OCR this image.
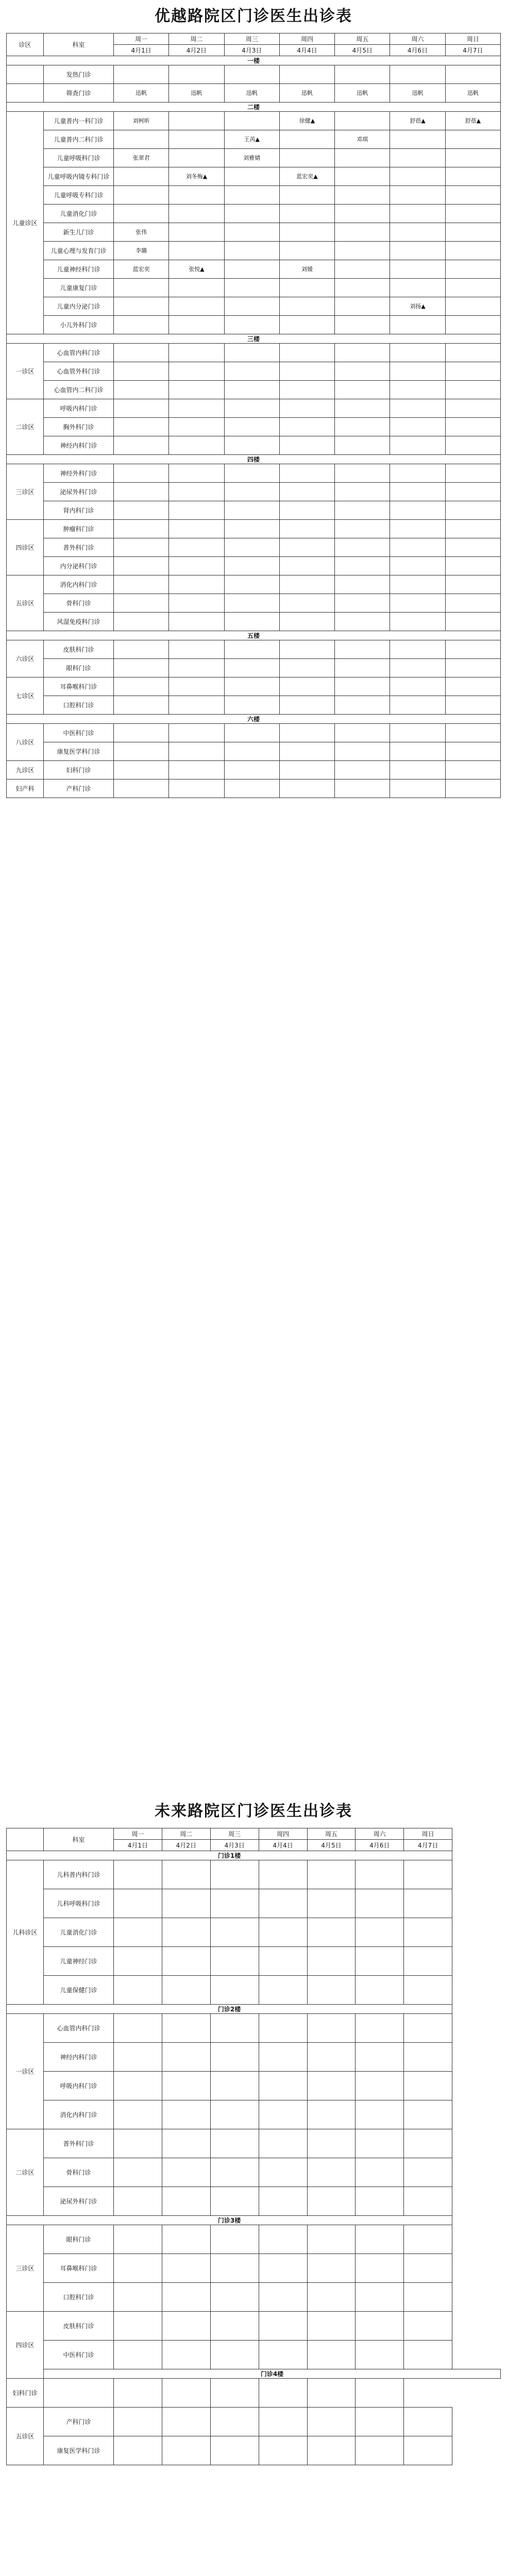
优越路院区门诊医生出诊表
诊区	科室	周一	周二	周三	周四	周五	周六	周日
		4月1日	4月2日	4月3日	4月4日	4月5日	4月6日	4月7日
一楼								
	发热门诊							
	筛查门诊	迅帆	迅帆	迅帆	迅帆	迅帆	迅帆	迅帆
二楼								
儿童诊区	儿童普内一科门诊	刘柯昕			徐健▲		舒蓓▲	舒蓓▲
	儿童普内二科门诊			王芮▲		邓琪		
	儿童呼吸科门诊	张翠君		刘雅婧				
	儿童呼吸内镜专科门诊		刘冬梅▲		蓝宏奕▲			
	儿童呼吸专科门诊							
	儿童消化门诊							
	新生儿门诊	张伟						
	儿童心理与发育门诊	李璐						
	儿童神经科门诊	蓝宏奕	张悦▲		刘媛			
	儿童康复门诊							
	儿童内分泌门诊						刘扬▲	
	小儿外科门诊							
三楼								
一诊区	心血管内科门诊							
	心血管外科门诊							
	心血管内二科门诊							
二诊区	呼吸内科门诊							
	胸外科门诊							
	神经内科门诊							
四楼								
三诊区	神经外科门诊							
	泌尿外科门诊							
	肾内科门诊							
四诊区	肿瘤科门诊							
	普外科门诊							
	内分泌科门诊							
五诊区	消化内科门诊							
	骨科门诊							
	风湿免疫科门诊							
五楼								
六诊区	皮肤科门诊							
	眼科门诊							
七诊区	耳鼻喉科门诊							
	口腔科门诊							
六楼								
八诊区	中医科门诊							
	康复医学科门诊							
九诊区	妇科门诊							
妇产科	产科门诊							
未来路院区门诊医生出诊表
	科室	周一	周二	周三	周四	周五	周六	周日
		4月1日	4月2日	4月3日	4月4日	4月5日	4月6日	4月7日
门诊1楼								
儿科诊区	儿科普内科门诊							
	儿科呼吸科门诊							
	儿童消化门诊							
	儿童神经门诊							
	儿童保健门诊							
门诊2楼								
一诊区	心血管内科门诊							
	神经内科门诊							
	呼吸内科门诊							
	消化内科门诊							
二诊区	普外科门诊							
	骨科门诊							
	泌尿外科门诊							
门诊3楼								
三诊区	眼科门诊							
	耳鼻喉科门诊							
	口腔科门诊							
四诊区	皮肤科门诊							
	中医科门诊							
	门诊4楼							
妇科门诊								
五诊区	产科门诊							
	康复医学科门诊							
